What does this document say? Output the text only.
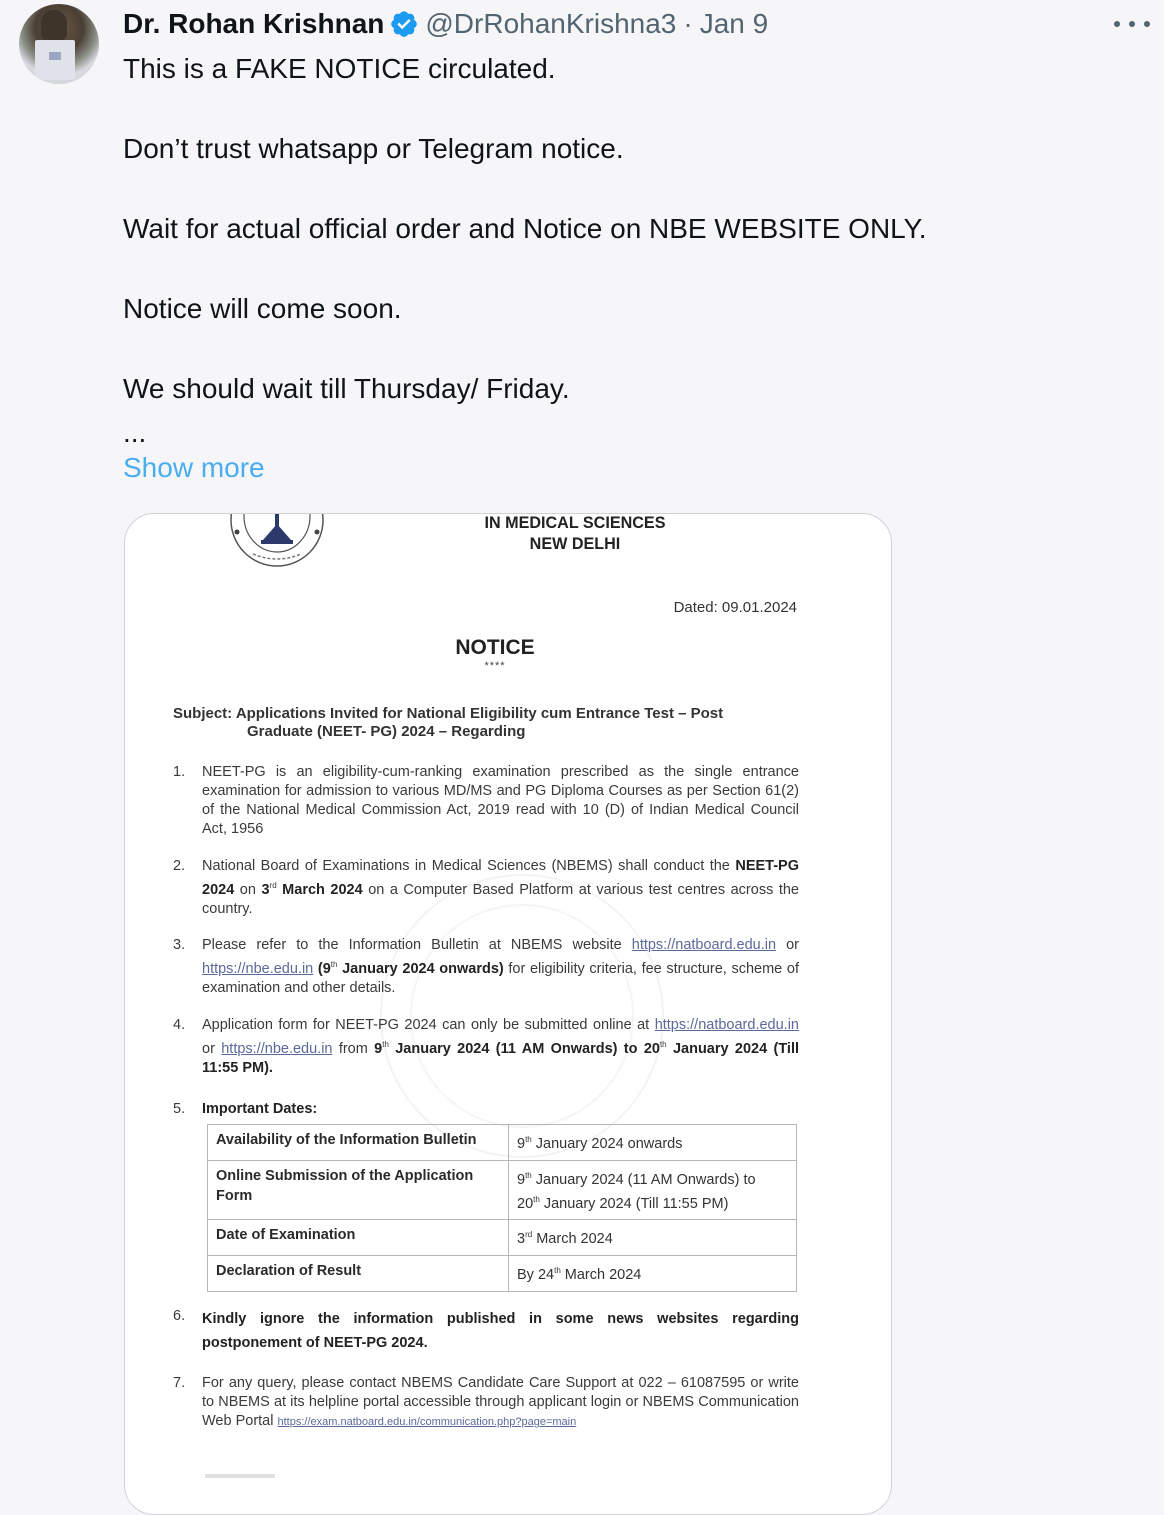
Dr. Rohan Krishnan @DrRohanKrishna3 · Jan 9
This is a FAKE NOTICE circulated.
Don’t trust whatsapp or Telegram notice.
Wait for actual official order and Notice on NBE WEBSITE ONLY.
Notice will come soon.
We should wait till Thursday/ Friday.
...
Show more
IN MEDICAL SCIENCES
NEW DELHI
Dated: 09.01.2024
NOTICE
****
Subject: Applications Invited for National Eligibility cum Entrance Test – Post
Graduate (NEET- PG) 2024 – Regarding
1.	NEET-PG is an eligibility-cum-ranking examination prescribed as the single entrance examination for admission to various MD/MS and PG Diploma Courses as per Section 61(2) of the National Medical Commission Act, 2019 read with 10 (D) of Indian Medical Council Act, 1956
2.	National Board of Examinations in Medical Sciences (NBEMS) shall conduct the NEET-PG 2024 on 3rd March 2024 on a Computer Based Platform at various test centres across the country.
3.	Please refer to the Information Bulletin at NBEMS website https://natboard.edu.in or https://nbe.edu.in (9th January 2024 onwards) for eligibility criteria, fee structure, scheme of examination and other details.
4.	Application form for NEET-PG 2024 can only be submitted online at https://natboard.edu.in or https://nbe.edu.in from 9th January 2024 (11 AM Onwards) to 20th January 2024 (Till 11:55 PM).
5.	Important Dates:
Availability of the Information Bulletin	9th January 2024 onwards
Online Submission of the Application Form	9th January 2024 (11 AM Onwards) to
20th January 2024 (Till 11:55 PM)
Date of Examination	3rd March 2024
Declaration of Result	By 24th March 2024
6.	Kindly ignore the information published in some news websites regarding postponement of NEET-PG 2024.
7.	For any query, please contact NBEMS Candidate Care Support at 022 – 61087595 or write to NBEMS at its helpline portal accessible through applicant login or NBEMS Communication Web Portal https://exam.natboard.edu.in/communication.php?page=main
